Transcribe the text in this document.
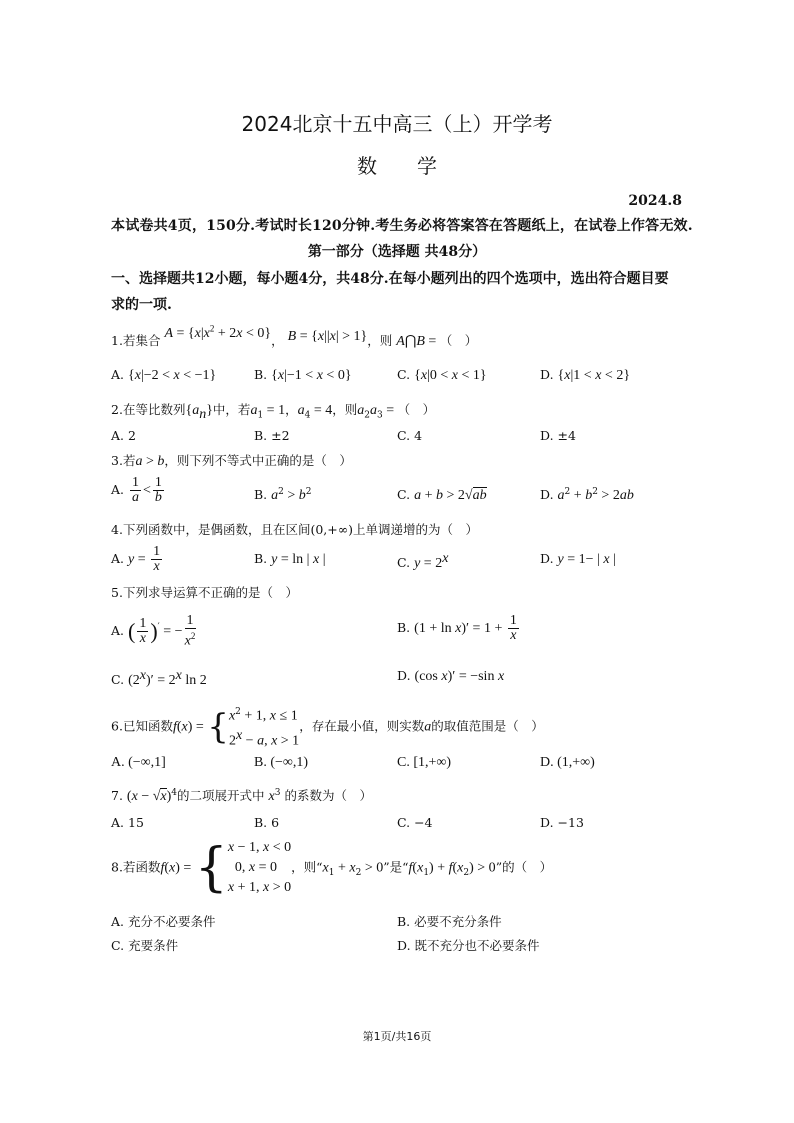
2024北京十五中高三（上）开学考
数学
2024.8
本试卷共4页，150分.考试时长120分钟.考生务必将答案答在答题纸上，在试卷上作答无效.
第一部分（选择题 共48分）
一、选择题共12小题，每小题4分，共48分.在每小题列出的四个选项中，选出符合题目要
求的一项.
1.若集合 $A = \{x|x^2 + 2x < 0\}$， B = {x||x| > 1}，则 A⋂B = （　）
A. {x|−2 < x < −1}	B. {x|−1 < x < 0}	C. {x|0 < x < 1}	D. {x|1 < x < 2}
2.在等比数列$\{a_n\}$中，若$a_1 = 1$，$a_4 = 4$，则$a_2a_3$ = （　）
A. 2	B. ±2	C. 4	D. ±4
3.若a > b，则下列不等式中正确的是（　）
A. $\frac{1}{a} < \frac{1}{b}$	B. $a^2 > b^2$	C. a + b > 2√ab	D. $a^2 + b^2 > 2ab$
4.下列函数中，是偶函数，且在区间(0,+∞)上单调递增的为（　）
A. $y = \frac{1}{x}$	B. y = ln | x |	C. $y = 2^x$	D. y = 1− | x |
5.下列求导运算不正确的是（　）
A. ( $\frac{1}{x} )'$ = − $\frac{1}{x^2}$	B. $(1 + \ln x)' = 1 + \frac{1}{x}$
C. $(2^x)' = 2^x$ ln 2	D. (cos x)′ = −sin x
6.已知函数$f(x) = \{x^2 + 1$, x ≤ 1
$2^x - a$, x > 1，存在最小值，则实数a的取值范围是（　）
A. (−∞,1]	B. (−∞,1)	C. [1,+∞)	D. (1,+∞)
7. $(x - √x)^4$的二项展开式中 $x^3$ 的系数为（　）
A. 15	B. 6	C. −4	D. −13
8.若函数f(x) = {x − 1, x < 0
0, x = 0
x + 1, x > 0，则“$x_1 + x_2 > 0$”是“$f(x_1) + f(x_2) > 0$”的（　）
A. 充分不必要条件	B. 必要不充分条件
C. 充要条件	D. 既不充分也不必要条件
第1页/共16页
